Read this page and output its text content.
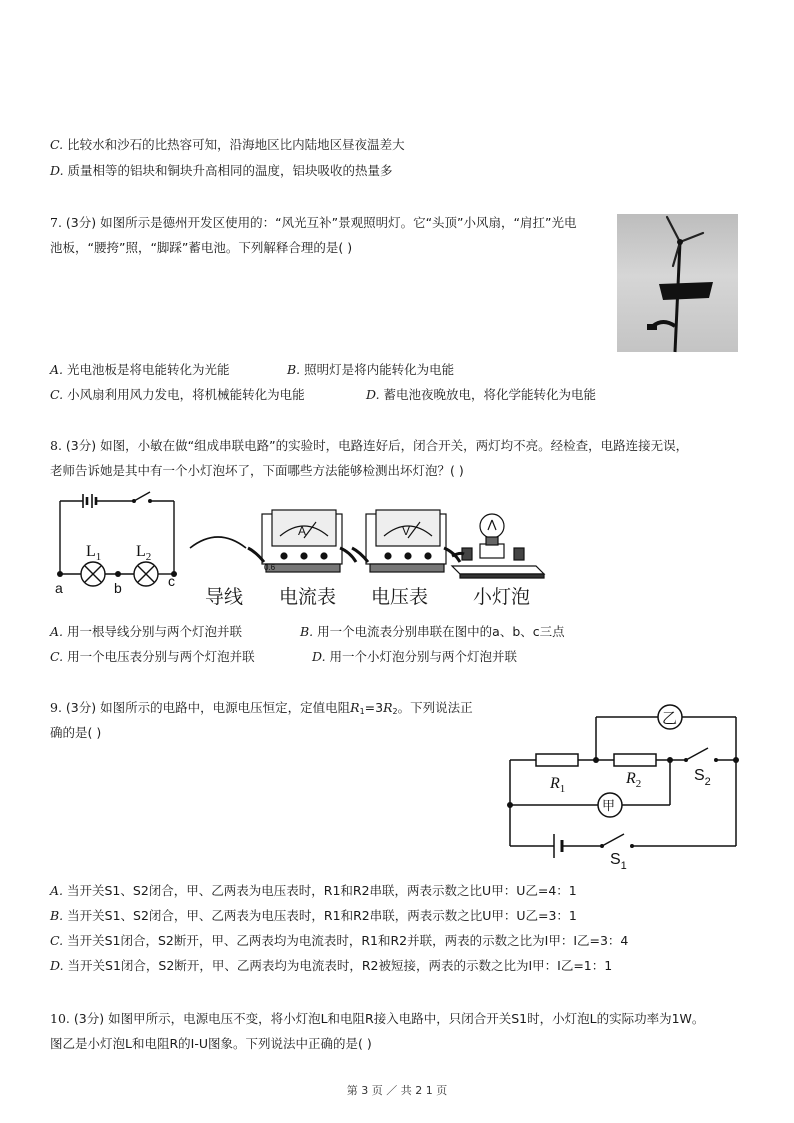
C. 比较水和沙石的比热容可知，沿海地区比内陆地区昼夜温差大
D. 质量相等的铝块和铜块升高相同的温度，铝块吸收的热量多
7. (3分) 如图所示是德州开发区使用的：“风光互补”景观照明灯。它“头顶”小风扇，“肩扛”光电
池板，“腰挎”照，“脚踩”蓄电池。下列解释合理的是( )
A. 光电池板是将电能转化为光能	B. 照明灯是将内能转化为电能
C. 小风扇利用风力发电，将机械能转化为电能	D. 蓄电池夜晚放电，将化学能转化为电能
8. (3分) 如图，小敏在做“组成串联电路”的实验时，电路连好后，闭合开关，两灯均不亮。经检查，电路连接无误，
老师告诉她是其中有一个小灯泡坏了，下面哪些方法能够检测出坏灯泡？( )
$L_1$ $L_2$
a	b	c
A
0.6
V
导线 电流表 电压表 小灯泡
A. 用一根导线分别与两个灯泡并联	B. 用一个电流表分别串联在图中的a、b、c三点
C. 用一个电压表分别与两个灯泡并联	D. 用一个小灯泡分别与两个灯泡并联
9. (3分) 如图所示的电路中，电源电压恒定，定值电阻$R_1=3R_2$。下列说法正
确的是( )
乙
甲
$R_1$
$R_2$	$S_2$
$S_1$
A. 当开关S1、S2闭合，甲、乙两表为电压表时，R1和R2串联，两表示数之比U甲：U乙=4：1
B. 当开关S1、S2闭合，甲、乙两表为电压表时，R1和R2串联，两表示数之比U甲：U乙=3：1
C. 当开关S1闭合，S2断开，甲、乙两表均为电流表时，R1和R2并联，两表的示数之比为I甲：I乙=3：4
D. 当开关S1闭合，S2断开，甲、乙两表均为电流表时，R2被短接，两表的示数之比为I甲：I乙=1：1
10. (3分) 如图甲所示，电源电压不变，将小灯泡L和电阻R接入电路中，只闭合开关S1时，小灯泡L的实际功率为1W。
图乙是小灯泡L和电阻R的I-U图象。下列说法中正确的是( )
第 3 页 ／ 共 2 1 页
